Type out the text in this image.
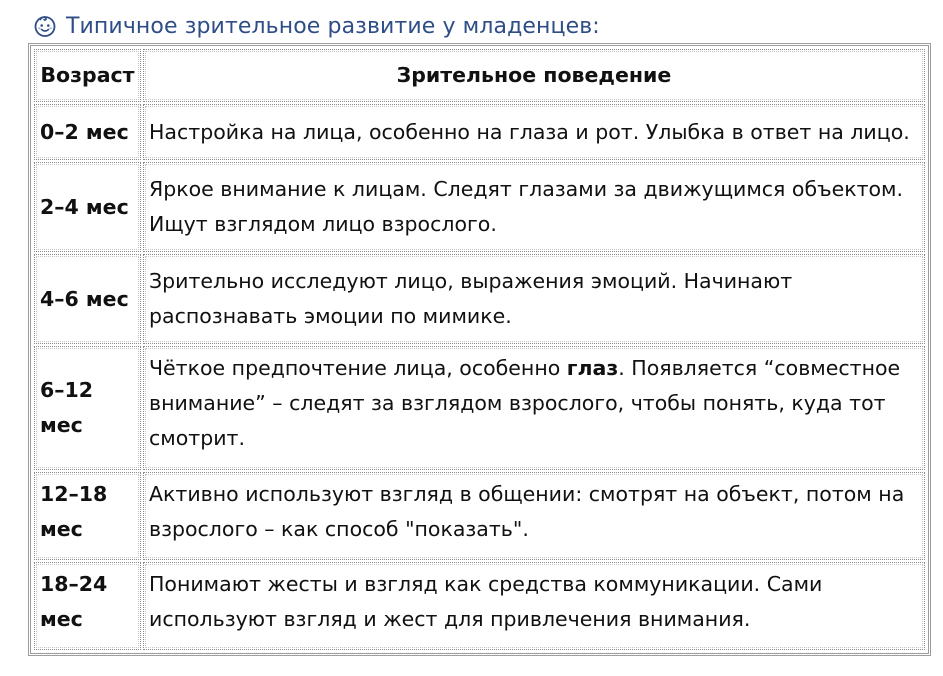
Типичное зрительное развитие у младенцев:
Возраст	Зрительное поведение
0–2 мес	Настройка на лица, особенно на глаза и рот. Улыбка в ответ на лицо.
2–4 мес	Яркое внимание к лицам. Следят глазами за движущимся объектом. Ищут взглядом лицо взрослого.
4–6 мес	Зрительно исследуют лицо, выражения эмоций. Начинают распознавать эмоции по мимике.
6–12 мес	Чёткое предпочтение лица, особенно глаз. Появляется “совместное внимание” – следят за взглядом взрослого, чтобы понять, куда тот смотрит.
12–18 мес	Активно используют взгляд в общении: смотрят на объект, потом на взрослого – как способ "показать".
18–24 мес	Понимают жесты и взгляд как средства коммуникации. Сами используют взгляд и жест для привлечения внимания.
